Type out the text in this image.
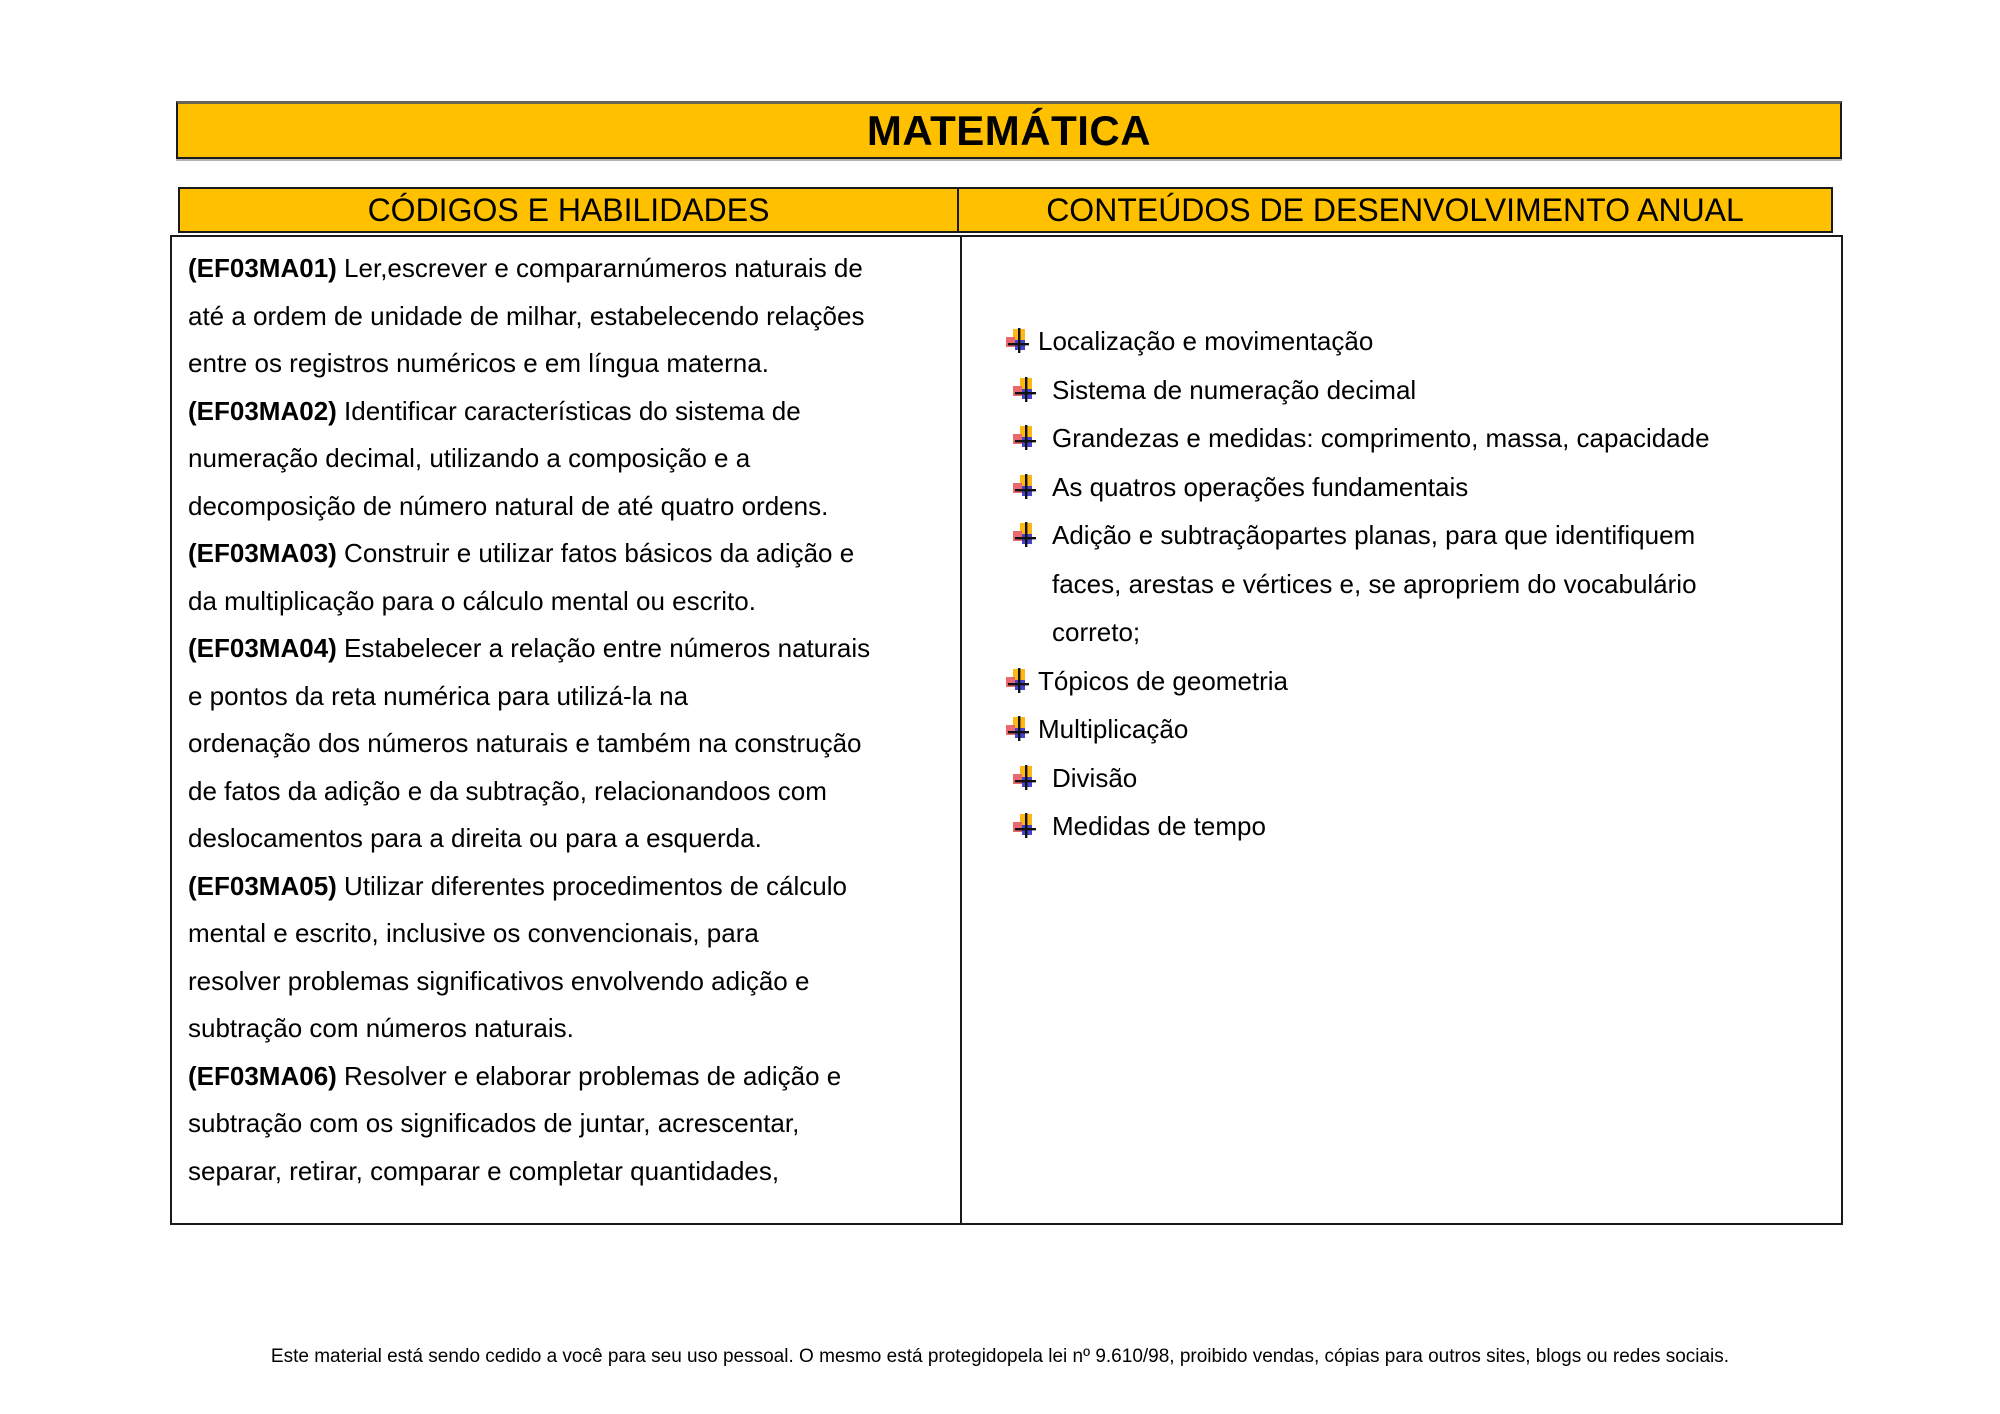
MATEMÁTICA
CÓDIGOS E HABILIDADES	CONTEÚDOS DE DESENVOLVIMENTO ANUAL
(EF03MA01) Ler,escrever e compararnúmeros naturais de
até a ordem de unidade de milhar, estabelecendo relações
entre os registros numéricos e em língua materna.
(EF03MA02) Identificar características do sistema de
numeração decimal, utilizando a composição e a
decomposição de número natural de até quatro ordens.
(EF03MA03) Construir e utilizar fatos básicos da adição e
da multiplicação para o cálculo mental ou escrito.
(EF03MA04) Estabelecer a relação entre números naturais
e pontos da reta numérica para utilizá-la na
ordenação dos números naturais e também na construção
de fatos da adição e da subtração, relacionandoos com
deslocamentos para a direita ou para a esquerda.
(EF03MA05) Utilizar diferentes procedimentos de cálculo
mental e escrito, inclusive os convencionais, para
resolver problemas significativos envolvendo adição e
subtração com números naturais.
(EF03MA06) Resolver e elaborar problemas de adição e
subtração com os significados de juntar, acrescentar,
separar, retirar, comparar e completar quantidades,
Localização e movimentação
Sistema de numeração decimal
Grandezas e medidas: comprimento, massa, capacidade
As quatros operações fundamentais
Adição e subtraçãopartes planas, para que identifiquem faces, arestas e vértices e, se apropriem do vocabulário correto;
Tópicos de geometria
Multiplicação
Divisão
Medidas de tempo
Este material está sendo cedido a você para seu uso pessoal. O mesmo está protegidopela lei nº 9.610/98, proibido vendas, cópias para outros sites, blogs ou redes sociais.
